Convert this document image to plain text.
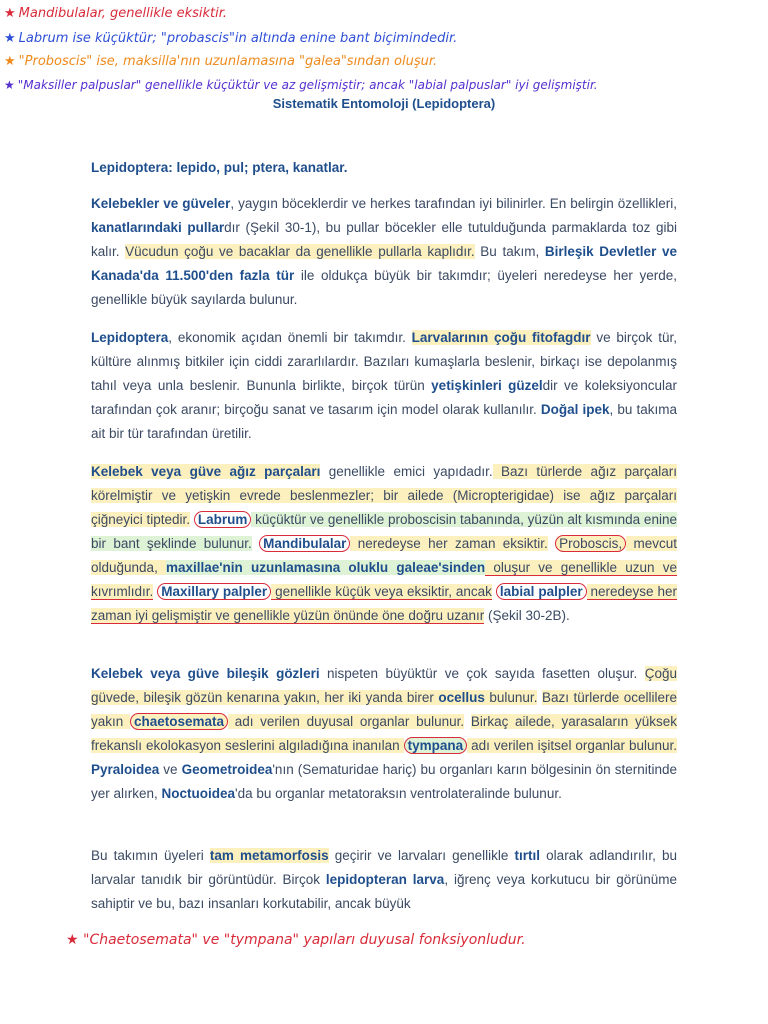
★ Mandibulalar, genellikle eksiktir.
★ Labrum ise küçüktür; "probascis"in altında enine bant biçimindedir.
★ "Proboscis" ise, maksilla'nın uzunlamasına "galea"sından oluşur.
★ "Maksiller palpuslar" genellikle küçüktür ve az gelişmiştir; ancak "labial palpuslar" iyi gelişmiştir.
Sistematik Entomoloji (Lepidoptera)

Lepidoptera: lepido, pul; ptera, kanatlar.

Kelebekler ve güveler, yaygın böceklerdir ve herkes tarafından iyi bilinirler. En belirgin özellikleri, kanatlarındaki pullardır (Şekil 30-1), bu pullar böcekler elle tutulduğunda parmaklarda toz gibi kalır. Vücudun çoğu ve bacaklar da genellikle pullarla kaplıdır. Bu takım, Birleşik Devletler ve Kanada'da 11.500'den fazla tür ile oldukça büyük bir takımdır; üyeleri neredeyse her yerde, genellikle büyük sayılarda bulunur.

Lepidoptera, ekonomik açıdan önemli bir takımdır. Larvalarının çoğu fitofagdır ve birçok tür, kültüre alınmış bitkiler için ciddi zararlılardır. Bazıları kumaşlarla beslenir, birkaçı ise depolanmış tahıl veya unla beslenir. Bununla birlikte, birçok türün yetişkinleri güzeldir ve koleksiyoncular tarafından çok aranır; birçoğu sanat ve tasarım için model olarak kullanılır. Doğal ipek, bu takıma ait bir tür tarafından üretilir.

Kelebek veya güve ağız parçaları genellikle emici yapıdadır. Bazı türlerde ağız parçaları körelmiştir ve yetişkin evrede beslenmezler; bir ailede (Micropterigidae) ise ağız parçaları çiğneyici tiptedir. Labrum küçüktür ve genellikle proboscisin tabanında, yüzün alt kısmında enine bir bant şeklinde bulunur. Mandibulalar neredeyse her zaman eksiktir. Proboscis, mevcut olduğunda, maxillae'nin uzunlamasına oluklu galeae'sinden oluşur ve genellikle uzun ve kıvrımlıdır. Maxillary palpler genellikle küçük veya eksiktir, ancak labial palpler neredeyse her zaman iyi gelişmiştir ve genellikle yüzün önünde öne doğru uzanır (Şekil 30-2B).

Kelebek veya güve bileşik gözleri nispeten büyüktür ve çok sayıda fasetten oluşur. Çoğu güvede, bileşik gözün kenarına yakın, her iki yanda birer ocellus bulunur. Bazı türlerde ocellilere yakın chaetosemata adı verilen duyusal organlar bulunur. Birkaç ailede, yarasaların yüksek frekanslı ekolokasyon seslerini algıladığına inanılan tympana adı verilen işitsel organlar bulunur. Pyraloidea ve Geometroidea'nın (Sematuridae hariç) bu organları karın bölgesinin ön sternitinde yer alırken, Noctuoidea'da bu organlar metatoraksın ventrolateralinde bulunur.

Bu takımın üyeleri tam metamorfosis geçirir ve larvaları genellikle tırtıl olarak adlandırılır, bu larvalar tanıdık bir görüntüdür. Birçok lepidopteran larva, iğrenç veya korkutucu bir görünüme sahiptir ve bu, bazı insanları korkutabilir, ancak büyük

★ "Chaetosemata" ve "tympana" yapıları duyusal fonksiyonludur.
